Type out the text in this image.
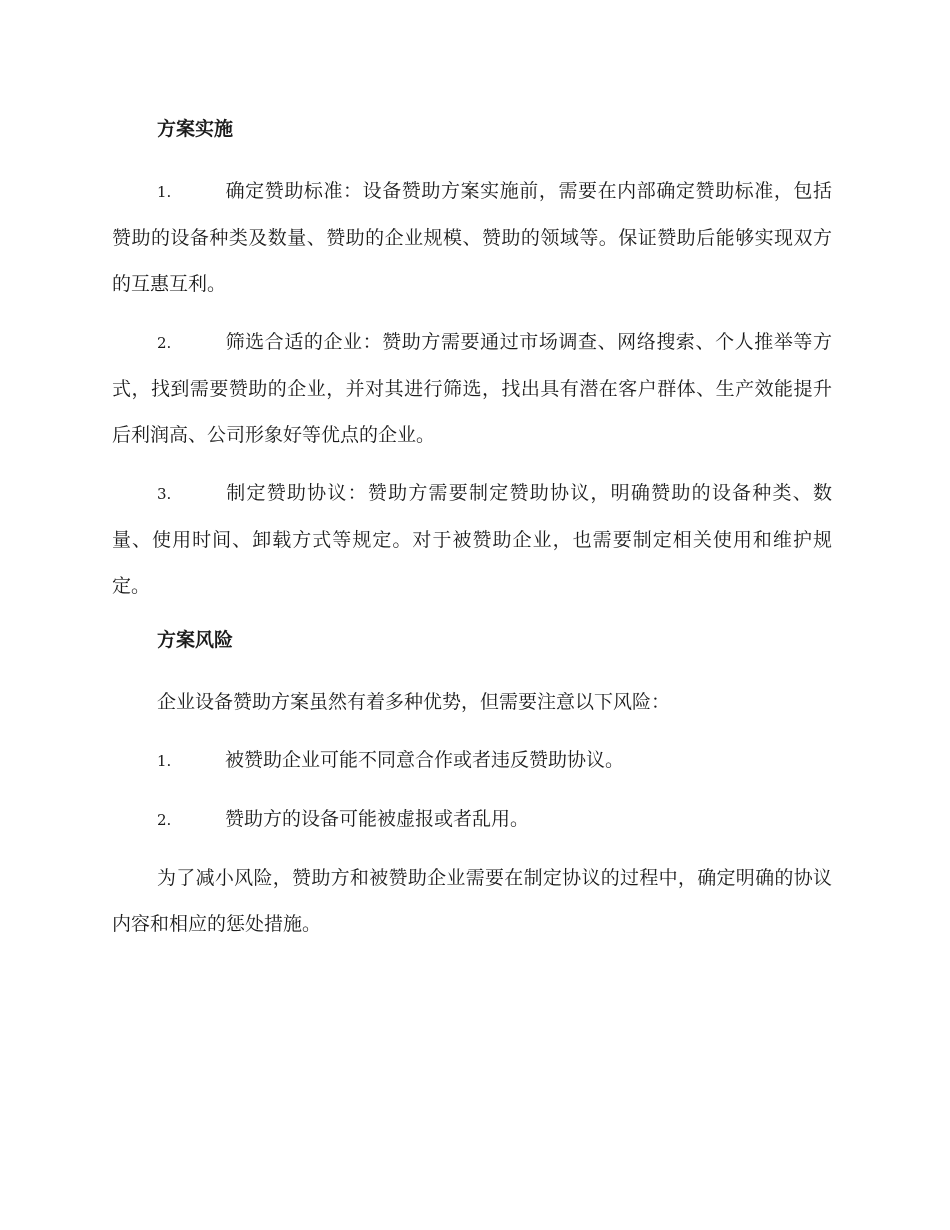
方案实施
1.	确定赞助标准：设备赞助方案实施前，需要在内部确定赞助标准，包括赞助的设备种类及数量、赞助的企业规模、赞助的领域等。保证赞助后能够实现双方的互惠互利。
2.	筛选合适的企业：赞助方需要通过市场调查、网络搜索、个人推举等方式，找到需要赞助的企业，并对其进行筛选，找出具有潜在客户群体、生产效能提升后利润高、公司形象好等优点的企业。
3.	制定赞助协议：赞助方需要制定赞助协议，明确赞助的设备种类、数量、使用时间、卸载方式等规定。对于被赞助企业，也需要制定相关使用和维护规定。
方案风险
企业设备赞助方案虽然有着多种优势，但需要注意以下风险：
1.	被赞助企业可能不同意合作或者违反赞助协议。
2.	赞助方的设备可能被虚报或者乱用。
为了减小风险，赞助方和被赞助企业需要在制定协议的过程中，确定明确的协议内容和相应的惩处措施。
